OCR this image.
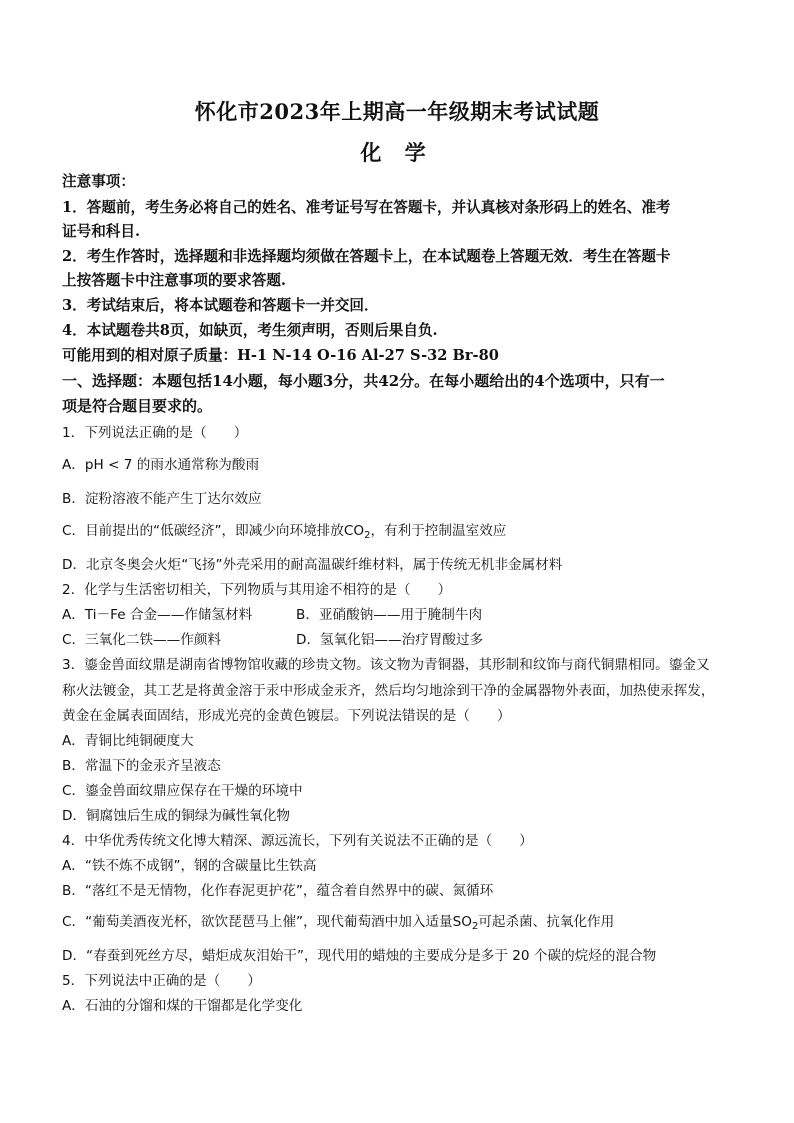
怀化市2023年上期高一年级期末考试试题
化 学
注意事项：
1．答题前，考生务必将自己的姓名、准考证号写在答题卡，并认真核对条形码上的姓名、准考
证号和科目.
2．考生作答时，选择题和非选择题均须做在答题卡上，在本试题卷上答题无效．考生在答题卡
上按答题卡中注意事项的要求答题.
3．考试结束后，将本试题卷和答题卡一并交回．
4．本试题卷共8页，如缺页，考生须声明，否则后果自负.
可能用到的相对原子质量：H-1 N-14 O-16 Al-27 S-32 Br-80
一、选择题：本题包括14小题，每小题3分，共42分。在每小题给出的4个选项中，只有一
项是符合题目要求的。
1．下列说法正确的是（　　）
A．pH < 7 的雨水通常称为酸雨
B．淀粉溶液不能产生丁达尔效应
C．目前提出的“低碳经济”，即减少向环境排放$CO_2$，有利于控制温室效应
D．北京冬奥会火炬“飞扬”外壳采用的耐高温碳纤维材料，属于传统无机非金属材料
2．化学与生活密切相关，下列物质与其用途不相符的是（　　）
A．Ti－Fe 合金——作储氢材料	B．亚硝酸钠——用于腌制牛肉
C．三氧化二铁——作颜料	D．氢氧化铝——治疗胃酸过多
3．鎏金兽面纹鼎是湖南省博物馆收藏的珍贵文物。该文物为青铜器，其形制和纹饰与商代铜鼎相同。鎏金又
称火法镀金，其工艺是将黄金溶于汞中形成金汞齐，然后均匀地涂到干净的金属器物外表面，加热使汞挥发，
黄金在金属表面固结，形成光亮的金黄色镀层。下列说法错误的是（　　）
A．青铜比纯铜硬度大
B．常温下的金汞齐呈液态
C．鎏金兽面纹鼎应保存在干燥的环境中
D．铜腐蚀后生成的铜绿为碱性氧化物
4．中华优秀传统文化博大精深、源远流长，下列有关说法不正确的是（　　）
A．“铁不炼不成钢”，钢的含碳量比生铁高
B．“落红不是无情物，化作春泥更护花”，蕴含着自然界中的碳、氮循环
C．“葡萄美酒夜光杯，欲饮琵琶马上催”，现代葡萄酒中加入适量$SO_2$可起杀菌、抗氧化作用
D．“春蚕到死丝方尽，蜡炬成灰泪始干”，现代用的蜡烛的主要成分是多于 20 个碳的烷烃的混合物
5．下列说法中正确的是（　　）
A．石油的分馏和煤的干馏都是化学变化
